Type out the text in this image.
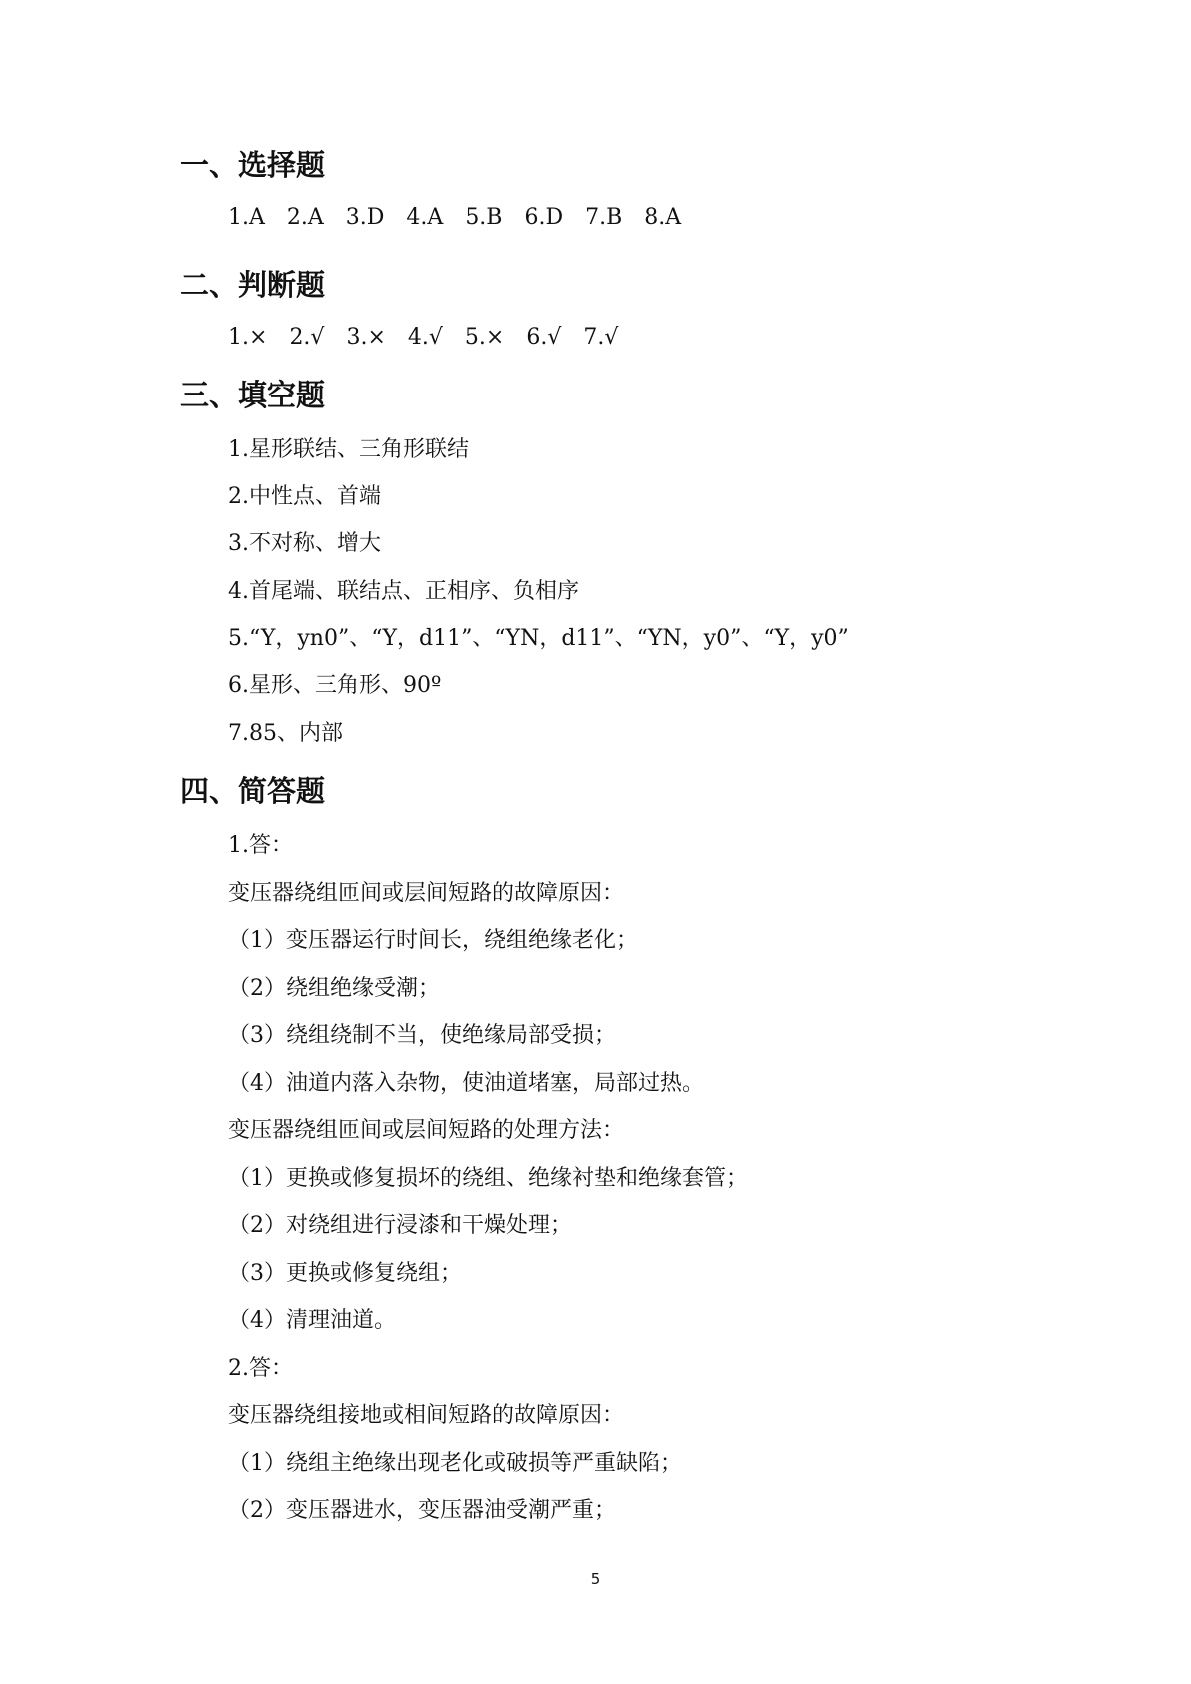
一、选择题
1.A 2.A 3.D 4.A 5.B 6.D 7.B 8.A
二、判断题
1.× 2.√ 3.× 4.√ 5.× 6.√ 7.√
三、填空题
1.星形联结、三角形联结
2.中性点、首端
3.不对称、增大
4.首尾端、联结点、正相序、负相序
5.“Y，yn0”、“Y，d11”、“YN，d11”、“YN，y0”、“Y，y0”
6.星形、三角形、90º
7.85、内部
四、简答题
1.答：
变压器绕组匝间或层间短路的故障原因：
（1）变压器运行时间长，绕组绝缘老化；
（2）绕组绝缘受潮；
（3）绕组绕制不当，使绝缘局部受损；
（4）油道内落入杂物，使油道堵塞，局部过热。
变压器绕组匝间或层间短路的处理方法：
（1）更换或修复损坏的绕组、绝缘衬垫和绝缘套管；
（2）对绕组进行浸漆和干燥处理；
（3）更换或修复绕组；
（4）清理油道。
2.答：
变压器绕组接地或相间短路的故障原因：
（1）绕组主绝缘出现老化或破损等严重缺陷；
（2）变压器进水，变压器油受潮严重；
5
